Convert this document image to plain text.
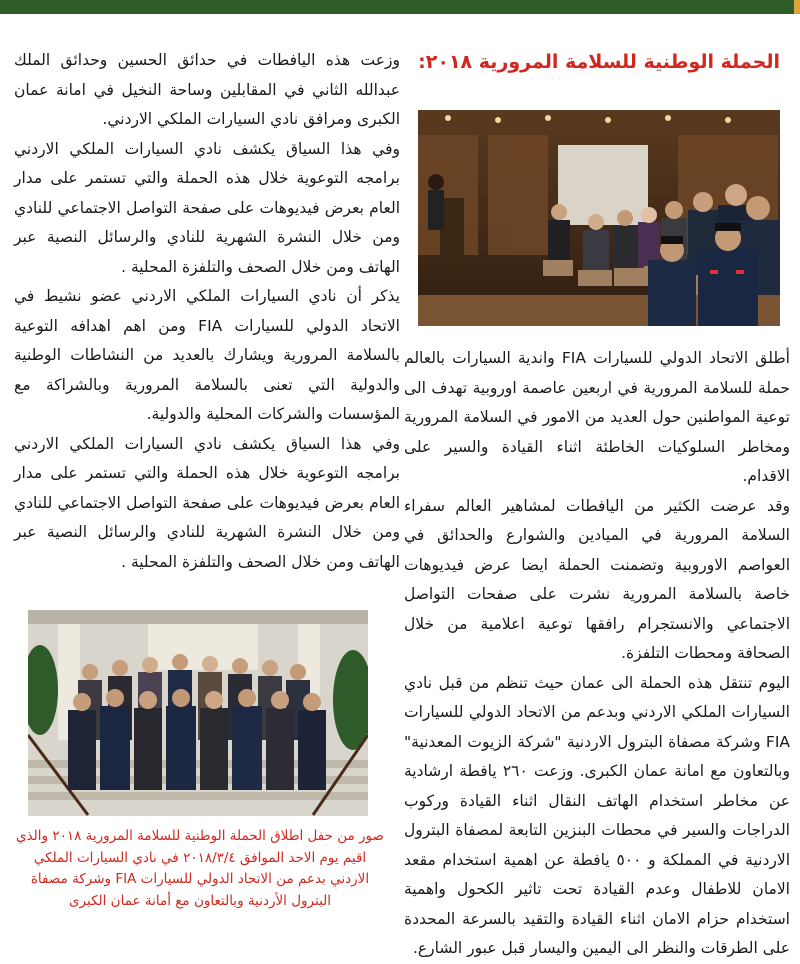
الحملة الوطنية للسلامة المرورية ٢٠١٨:

أطلق الاتحاد الدولي للسيارات FIA واندية السيارات بالعالم حملة للسلامة المرورية في اربعين عاصمة اوروبية تهدف الى توعية المواطنين حول العديد من الامور في السلامة المرورية ومخاطر السلوكيات الخاطئة اثناء القيادة والسير على الاقدام.

وقد عرضت الكثير من اليافطات لمشاهير العالم سفراء السلامة المرورية في الميادين والشوارع والحدائق في العواصم الاوروبية وتضمنت الحملة ايضا عرض فيديوهات خاصة بالسلامة المرورية نشرت على صفحات التواصل الاجتماعي والانستجرام رافقها توعية اعلامية من خلال الصحافة ومحطات التلفزة.

اليوم تنتقل هذه الحملة الى عمان حيث تنظم من قبل نادي السيارات الملكي الاردني وبدعم من الاتحاد الدولي للسيارات FIA وشركة مصفاة البترول الاردنية "شركة الزيوت المعدنية" وبالتعاون مع امانة عمان الكبرى. وزعت ٢٦٠ يافطة ارشادية عن مخاطر استخدام الهاتف النقال اثناء القيادة وركوب الدراجات والسير في محطات البنزين التابعة لمصفاة البترول الاردنية في المملكة و ٥٠٠ يافطة عن اهمية استخدام مقعد الامان للاطفال وعدم القيادة تحت تاثير الكحول واهمية استخدام حزام الامان اثناء القيادة والتقيد بالسرعة المحددة على الطرقات والنظر الى اليمين واليسار قبل عبور الشارع.

وزعت هذه اليافطات في حدائق الحسين وحدائق الملك عبدالله الثاني في المقابلين وساحة النخيل في امانة عمان الكبرى ومرافق نادي السيارات الملكي الاردني.

وفي هذا السياق يكشف نادي السيارات الملكي الاردني برامجه التوعوية خلال هذه الحملة والتي تستمر على مدار العام بعرض فيديوهات على صفحة التواصل الاجتماعي للنادي ومن خلال النشرة الشهرية للنادي والرسائل النصية عبر الهاتف ومن خلال الصحف والتلفزة المحلية .

يذكر أن نادي السيارات الملكي الاردني عضو نشيط في الاتحاد الدولي للسيارات FIA ومن اهم اهدافه التوعية بالسلامة المرورية ويشارك بالعديد من النشاطات الوطنية والدولية التي تعنى بالسلامة المرورية وبالشراكة مع المؤسسات والشركات المحلية والدولية.

وفي هذا السياق يكشف نادي السيارات الملكي الاردني برامجه التوعوية خلال هذه الحملة والتي تستمر على مدار العام بعرض فيديوهات على صفحة التواصل الاجتماعي للنادي ومن خلال النشرة الشهرية للنادي والرسائل النصية عبر الهاتف ومن خلال الصحف والتلفزة المحلية .

صور من حفل اطلاق الحملة الوطنية للسلامة المرورية ٢٠١٨ والذي اقيم يوم الاحد الموافق ٢٠١٨/٣/٤ في نادي السيارات الملكي الاردني بدعم من الاتحاد الدولي للسيارات FIA وشركة مصفاة البترول الأردنية وبالتعاون مع أمانة عمان الكبرى
